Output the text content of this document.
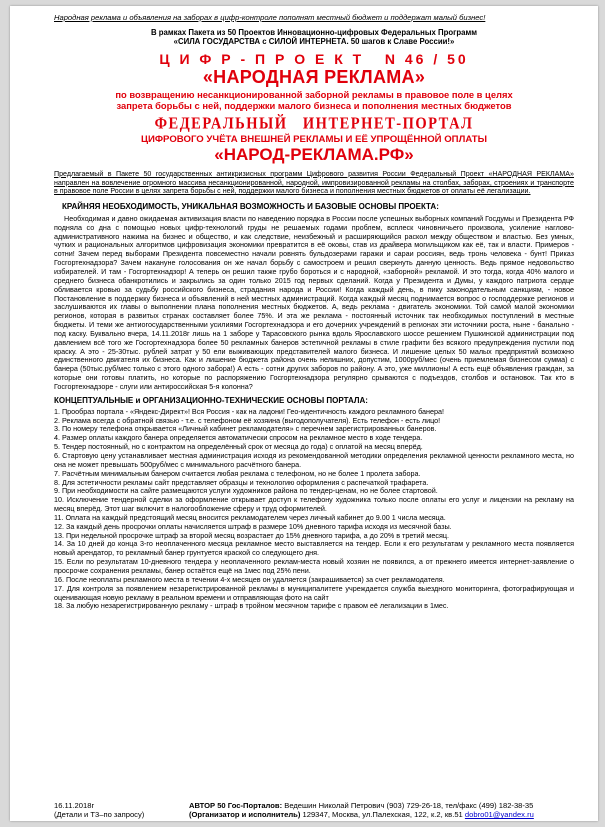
Народная реклама и объявления на заборах в цифр-контроле пополнят местный бюджет и поддержат малый бизнес!
В рамках Пакета из 50 Проектов Инновационно-цифровых Федеральных Программ
«СИЛА ГОСУДАРСТВА с СИЛОЙ ИНТЕРНЕТА. 50 шагов к Славе России!»
Ц И Ф Р - П Р О Е К Т   N 46 / 50
«НАРОДНАЯ РЕКЛАМА»
по возвращению несанкционированной заборной рекламы в правовое поле в целях
запрета борьбы с ней, поддержки малого бизнеса и пополнения местных бюджетов
ФЕДЕРАЛЬНЫЙ   ИНТЕРНЕТ-ПОРТАЛ
ЦИФРОВОГО УЧЁТА ВНЕШНЕЙ РЕКЛАМЫ И ЕЁ УПРОЩЁННОЙ ОПЛАТЫ
«НАРОД-РЕКЛАМА.РФ»
Предлагаемый в Пакете 50 государственных антикризисных программ Цифрового развития России Федеральный Проект «НАРОДНАЯ РЕКЛАМА» направлен на вовлечение огромного массива несанкционированной, народной, импровизированной рекламы на столбах, заборах, строениях и транспорте в правовое поле России в целях запрета борьбы с ней, поддержки малого бизнеса и пополнения местных бюджетов от оплаты её легализации.
КРАЙНЯЯ НЕОБХОДИМОСТЬ, УНИКАЛЬНАЯ ВОЗМОЖНОСТЬ И БАЗОВЫЕ ОСНОВЫ ПРОЕКТА:
Необходимая и давно ожидаемая активизация власти по наведению порядка в России после успешных выборных компаний Госдумы и Президента РФ подняла со дна с помощью новых цифр-технологий груды не решаемых годами проблем, всплеск чиновничьего произвола, усиление наглово-административного нажима на бизнес и общество, и как следствие, неизбежный и расширяющийся раскол между обществом и властью. Без умных, чутких и рациональных алгоритмов цифровизация экономики превратится в её оковы, став из драйвера могильщиком как её, так и власти. Примеров - сотни! Зачем перед выборами Президента повсеместно начали ровнять бульдозерами гаражи и сараи россиян, ведь тронь человека - бунт! Приказ Госгортехнадзора? Зачем накануне голосования он же начал борьбу с самостроем и решил сверкнуть данную ценность. Ведь прямое недовольство избирателей. И там - Госгортехнадзор! А теперь он решил также грубо бороться и с народной, «заборной» рекламой. И это тогда, когда 40% малого и среднего бизнеса обанкротились и закрылись за один только 2015 год первых сделаний. Когда у Президента и Думы, у каждого патриота сердце обливается кровью за судьбу российского бизнеса, страдания народа и России! Когда каждый день, в пику законодательным санкциям, - новое Постановление в поддержку бизнеса и объявлений в ней местных администраций. Когда каждый месяц поднимается вопрос о господдержке регионов и заслушиваются их главы о выполнении плана пополнения местных бюджетов. А, ведь реклама - двигатель экономики. Той самой малой экономики регионов, которая в развитых странах составляет более 75%. И эта же реклама - постоянный источник так необходимых поступлений в местные бюджеты. И теми же антиогосударственными усилиями Госгортехнадзора и его дочерних учреждений в регионах эти источники роста, ныне - банально - под каску. Буквально вчера, 14.11.2018г лишь на 1 заборе у Тарасовского рынка вдоль Ярославского шоссе решением Пушкинской администрации под давлением всё того же Госгортехнадзора более 50 рекламных банеров эстетичной рекламы в стиле графити без всякого предупреждения пустили под краску. А это - 25-30тыс. рублей затрат у 50 ели выживающих представителей малого бизнеса. И лишение целых 50 малых предприятий возможно единственного двигателя их бизнеса. Как и лишение бюджета района очень нелишних, допустим, 1000руб/мес (очень приемлемая бизнесом сумма) с банера (50тыс.руб/мес только с этого одного забора!) А есть - сотни других заборов по району. А это, уже миллионы! А есть ещё объявления граждан, за которые они готовы платить, но которые по распоряжению Госгортехнадзора регулярно срываются с подъездов, столбов и остановок. Так кто в Госгортехнадзоре - слуги или антироссийская 5-я колонна?
КОНЦЕПТУАЛЬНЫЕ и ОРГАНИЗАЦИОННО-ТЕХНИЧЕСКИЕ ОСНОВЫ ПОРТАЛА:
1. Прообраз портала - «Яндекс-Директ»! Вся Россия - как на ладони! Гео-идентичность каждого рекламного банера!
2. Реклама всегда с обратной связью - т.е. с телефоном её хозяина (выгодополучателя). Есть телефон - есть лицо!
3. По номеру телефона открывается «Личный кабинет рекламодателя» с перечнем зарегистрированных банеров.
4. Размер оплаты каждого банера определяется автоматически спросом на рекламное место в ходе тендера.
5. Тендер постоянный, но с контрактом на определённый срок от месяца до года) с оплатой на месяц вперёд.
6. Стартовую цену устанавливает местная администрация исходя из рекомендованной методики определения рекламной ценности рекламного места, но она не может превышать 500руб/мес с минимального расчётного банера.
7. Расчётным минимальным банером считается любая реклама с телефоном, но не более 1 пролета забора.
8. Для эстетичности рекламы сайт представляет образцы и технологию оформления с распечаткой трафарета.
9. При необходимости на сайте размещаются услуги художников района по тендер-ценам, но не более стартовой.
10. Исключение тендерной сделки за оформление открывает доступ к телефону художника только после оплаты его услуг и лицензии на рекламу на месяц вперёд. Этот шаг включит в налогообложение сферу и труд оформителей.
11. Оплата на каждый предстоящий месяц вносится рекламодателем через личный кабинет до 9.00 1 числа месяца.
12. За каждый день просрочки оплаты начисляется штраф в размере 10% дневного тарифа исходя из месячной базы.
13. При недельной просрочке штраф за второй месяц возрастает до 15% дневного тарифа, а до 20% в третий месяц.
14. За 10 дней до конца 3-го неоплаченного месяца рекламное место выставляется на тендер. Если к его результатам у рекламного места появляется новый арендатор, то рекламный банер грунтуется краской со следующего дня.
15. Если по результатам 10-дневного тендера у неоплаченного реклам-места новый хозяин не появился, а от прежнего имеется интернет-заявление о просрочке сохранения рекламы, банер остаётся ещё на 1мес под 25% пени.
16. После неоплаты рекламного места в течении 4-х месяцев он удаляется (закрашивается) за счет рекламодателя.
17. Для контроля за появлением незарегистрированной рекламы в муниципалитете учреждается служба выездного мониторинга, фотографирующая и оценивающая новую рекламу в реальном времени и отправляющая фото на сайт
18. За любую незарегистрированную рекламу - штраф в тройном месячном тарифе с правом её легализации в 1мес.
16.11.2018г
(Детали и Т3–по запросу)
АВТОР 50 Гос-Порталов: Ведешин Николай Петрович (903) 729-26-18, тел/факс (499) 182-38-35
(Организатор и исполнитель) 129347, Москва, ул.Палехская, 122, к.2, кв.51 dobro01@yandex.ru
